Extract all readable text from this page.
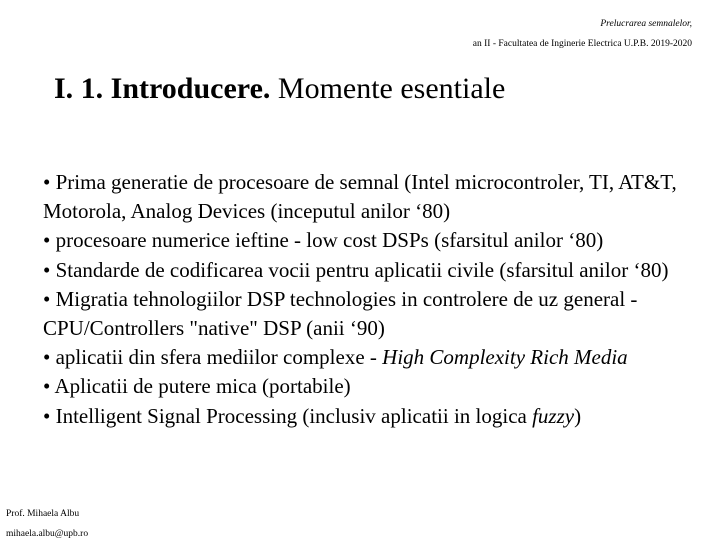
Prelucrarea semnalelor,
an II - Facultatea de Inginerie Electrica U.P.B. 2019-2020
I. 1. Introducere. Momente esentiale
• Prima generatie de procesoare de semnal (Intel microcontroler, TI, AT&T, Motorola, Analog Devices (inceputul anilor ‘80)
• procesoare numerice ieftine - low cost DSPs (sfarsitul anilor ‘80)
• Standarde de codificarea vocii pentru aplicatii civile (sfarsitul anilor ‘80)
• Migratia tehnologiilor DSP technologies in controlere de uz general - CPU/Controllers "native" DSP (anii ‘90)
• aplicatii din sfera mediilor complexe - High Complexity Rich Media
• Aplicatii de putere mica (portabile)
• Intelligent Signal Processing (inclusiv aplicatii in logica fuzzy)
Prof. Mihaela Albu
mihaela.albu@upb.ro
